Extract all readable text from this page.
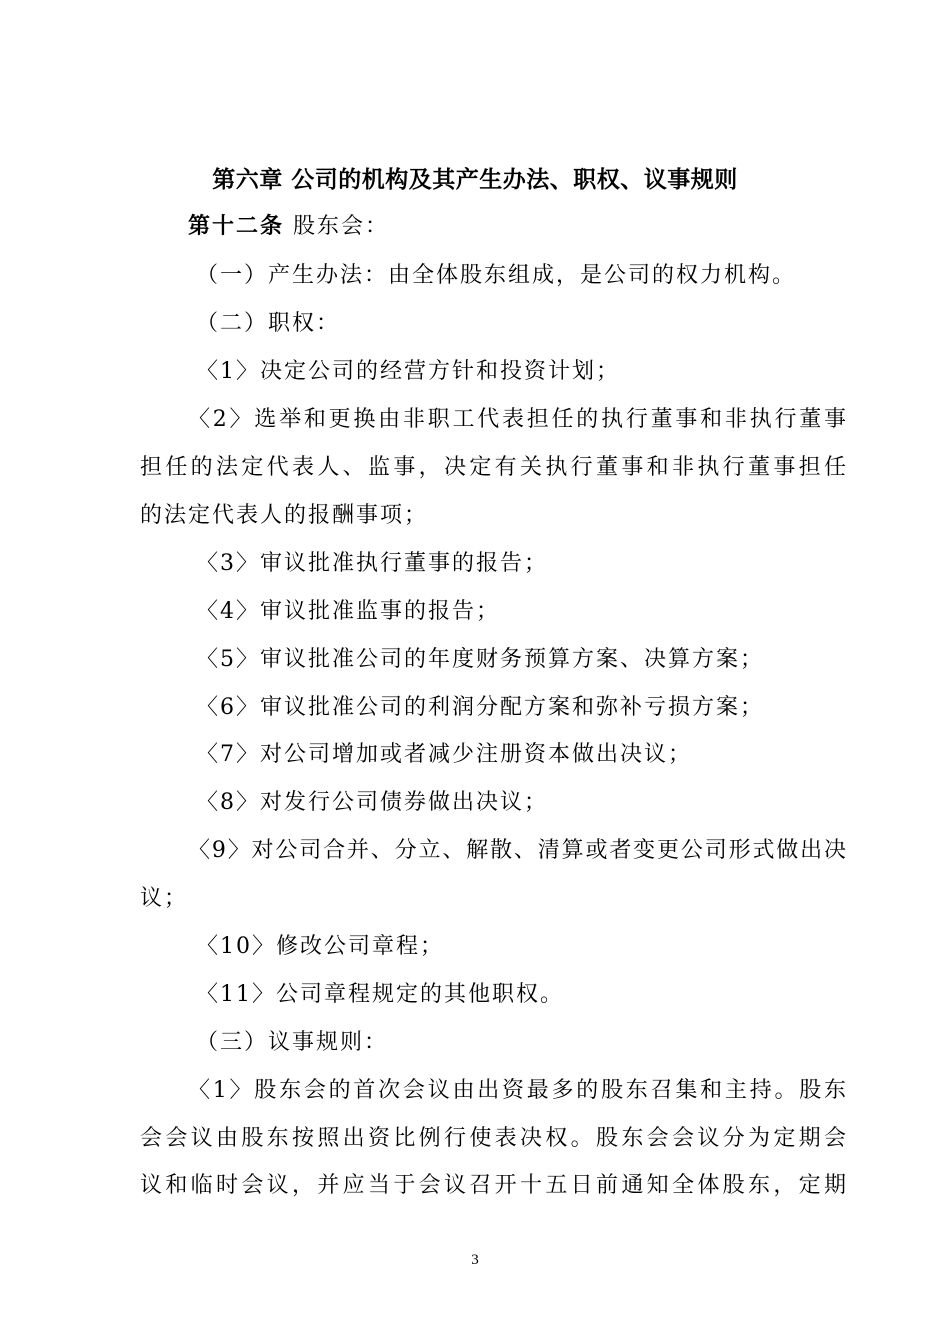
第六章 公司的机构及其产生办法、职权、议事规则
第十二条 股东会：
（一）产生办法：由全体股东组成，是公司的权力机构。
（二）职权：
〈1〉决定公司的经营方针和投资计划；
〈2〉选举和更换由非职工代表担任的执行董事和非执行董事
担任的法定代表人、监事，决定有关执行董事和非执行董事担任
的法定代表人的报酬事项；
〈3〉审议批准执行董事的报告；
〈4〉审议批准监事的报告；
〈5〉审议批准公司的年度财务预算方案、决算方案；
〈6〉审议批准公司的利润分配方案和弥补亏损方案；
〈7〉对公司增加或者减少注册资本做出决议；
〈8〉对发行公司债券做出决议；
〈9〉对公司合并、分立、解散、清算或者变更公司形式做出决
议；
〈10〉修改公司章程；
〈11〉公司章程规定的其他职权。
（三）议事规则：
〈1〉股东会的首次会议由出资最多的股东召集和主持。股东
会会议由股东按照出资比例行使表决权。股东会会议分为定期会
议和临时会议，并应当于会议召开十五日前通知全体股东，定期
3
